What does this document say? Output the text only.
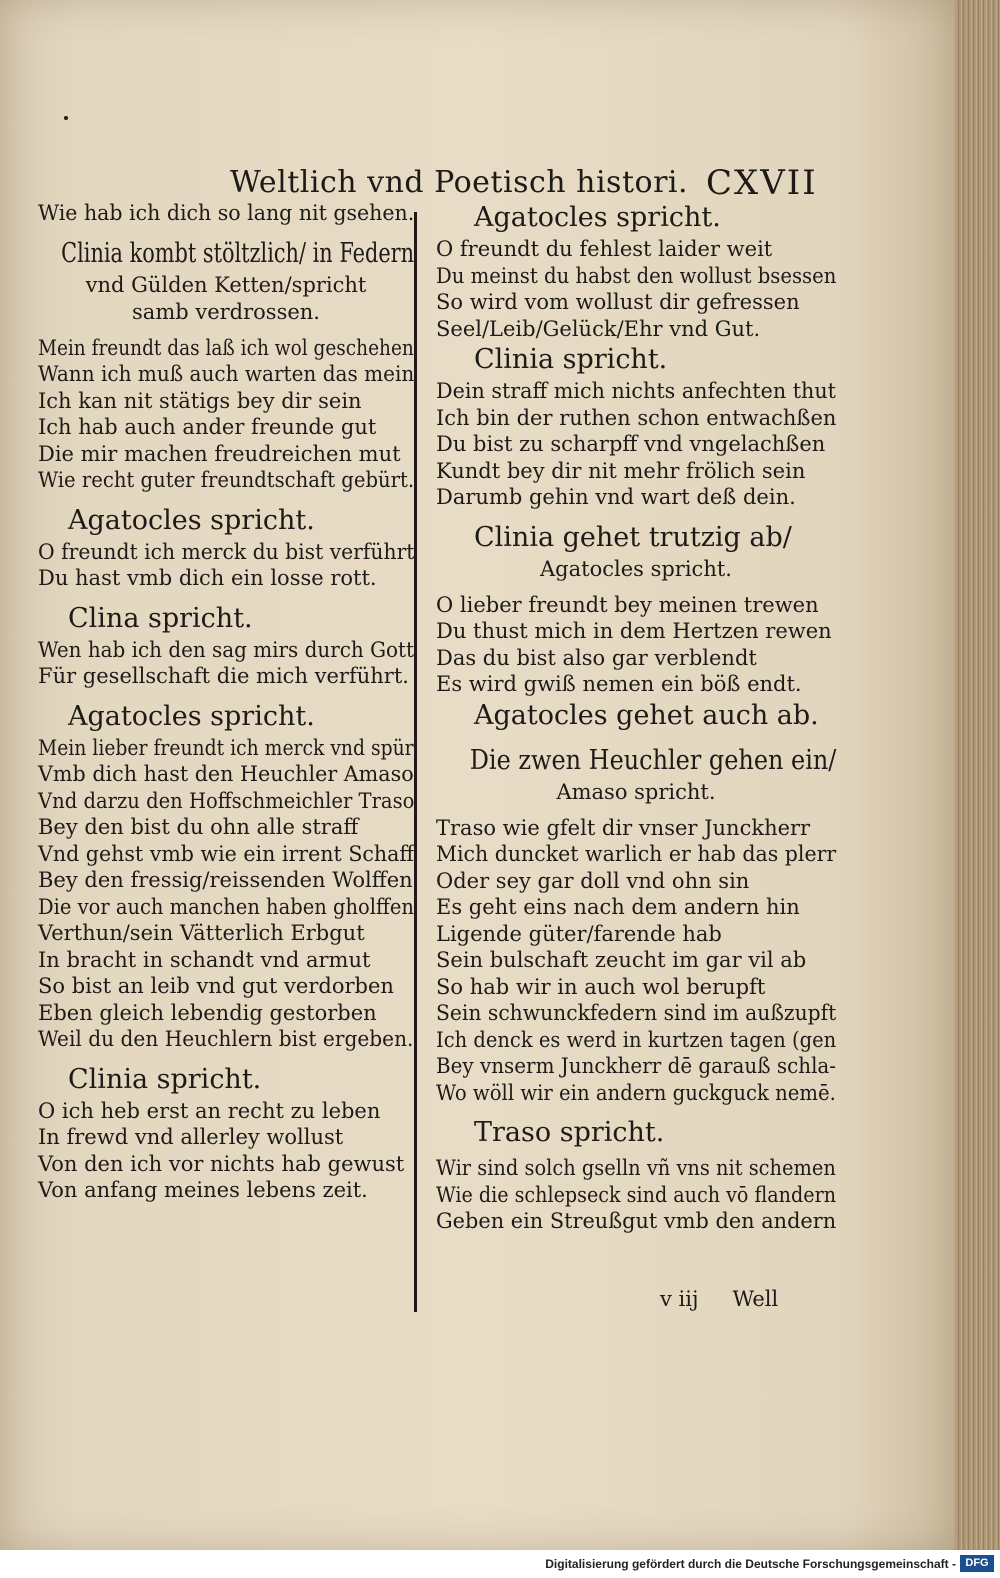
Weltlich vnd Poetisch histori. CXVII
Wie hab ich dich so lang nit gsehen.
Clinia kombt stöltzlich/ in Federn
vnd Gülden Ketten/spricht
samb verdrossen.
Mein freundt das laß ich wol geschehen
Wann ich muß auch warten das mein
Ich kan nit stätigs bey dir sein
Ich hab auch ander freunde gut
Die mir machen freudreichen mut
Wie recht guter freundtschaft gebürt.
Agatocles spricht.
O freundt ich merck du bist verführt
Du hast vmb dich ein losse rott.
Clina spricht.
Wen hab ich den sag mirs durch Gott
Für gesellschaft die mich verführt.
Agatocles spricht.
Mein lieber freundt ich merck vnd spür
Vmb dich hast den Heuchler Amaso
Vnd darzu den Hoffschmeichler Traso
Bey den bist du ohn alle straff
Vnd gehst vmb wie ein irrent Schaff
Bey den fressig/reissenden Wolffen
Die vor auch manchen haben gholffen
Verthun/sein Vätterlich Erbgut
In bracht in schandt vnd armut
So bist an leib vnd gut verdorben
Eben gleich lebendig gestorben
Weil du den Heuchlern bist ergeben.
Clinia spricht.
O ich heb erst an recht zu leben
In frewd vnd allerley wollust
Von den ich vor nichts hab gewust
Von anfang meines lebens zeit.
Agatocles spricht.
O freundt du fehlest laider weit
Du meinst du habst den wollust bsessen
So wird vom wollust dir gefressen
Seel/Leib/Gelück/Ehr vnd Gut.
Clinia spricht.
Dein straff mich nichts anfechten thut
Ich bin der ruthen schon entwachßen
Du bist zu scharpff vnd vngelachßen
Kundt bey dir nit mehr frölich sein
Darumb gehin vnd wart deß dein.
Clinia gehet trutzig ab/
Agatocles spricht.
O lieber freundt bey meinen trewen
Du thust mich in dem Hertzen rewen
Das du bist also gar verblendt
Es wird gwiß nemen ein böß endt.
Agatocles gehet auch ab.
Die zwen Heuchler gehen ein/
Amaso spricht.
Traso wie gfelt dir vnser Junckherr
Mich duncket warlich er hab das plerr
Oder sey gar doll vnd ohn sin
Es geht eins nach dem andern hin
Ligende güter/farende hab
Sein bulschaft zeucht im gar vil ab
So hab wir in auch wol berupft
Sein schwunckfedern sind im außzupft
Ich denck es werd in kurtzen tagen (gen
Bey vnserm Junckherr dē garauß schla-
Wo wöll wir ein andern guckguck nemē.
Traso spricht.
Wir sind solch gselln vñ vns nit schemen
Wie die schlepseck sind auch vō flandern
Geben ein Streußgut vmb den andern
v iij Well
Digitalisierung gefördert durch die Deutsche Forschungsgemeinschaft - DFG
